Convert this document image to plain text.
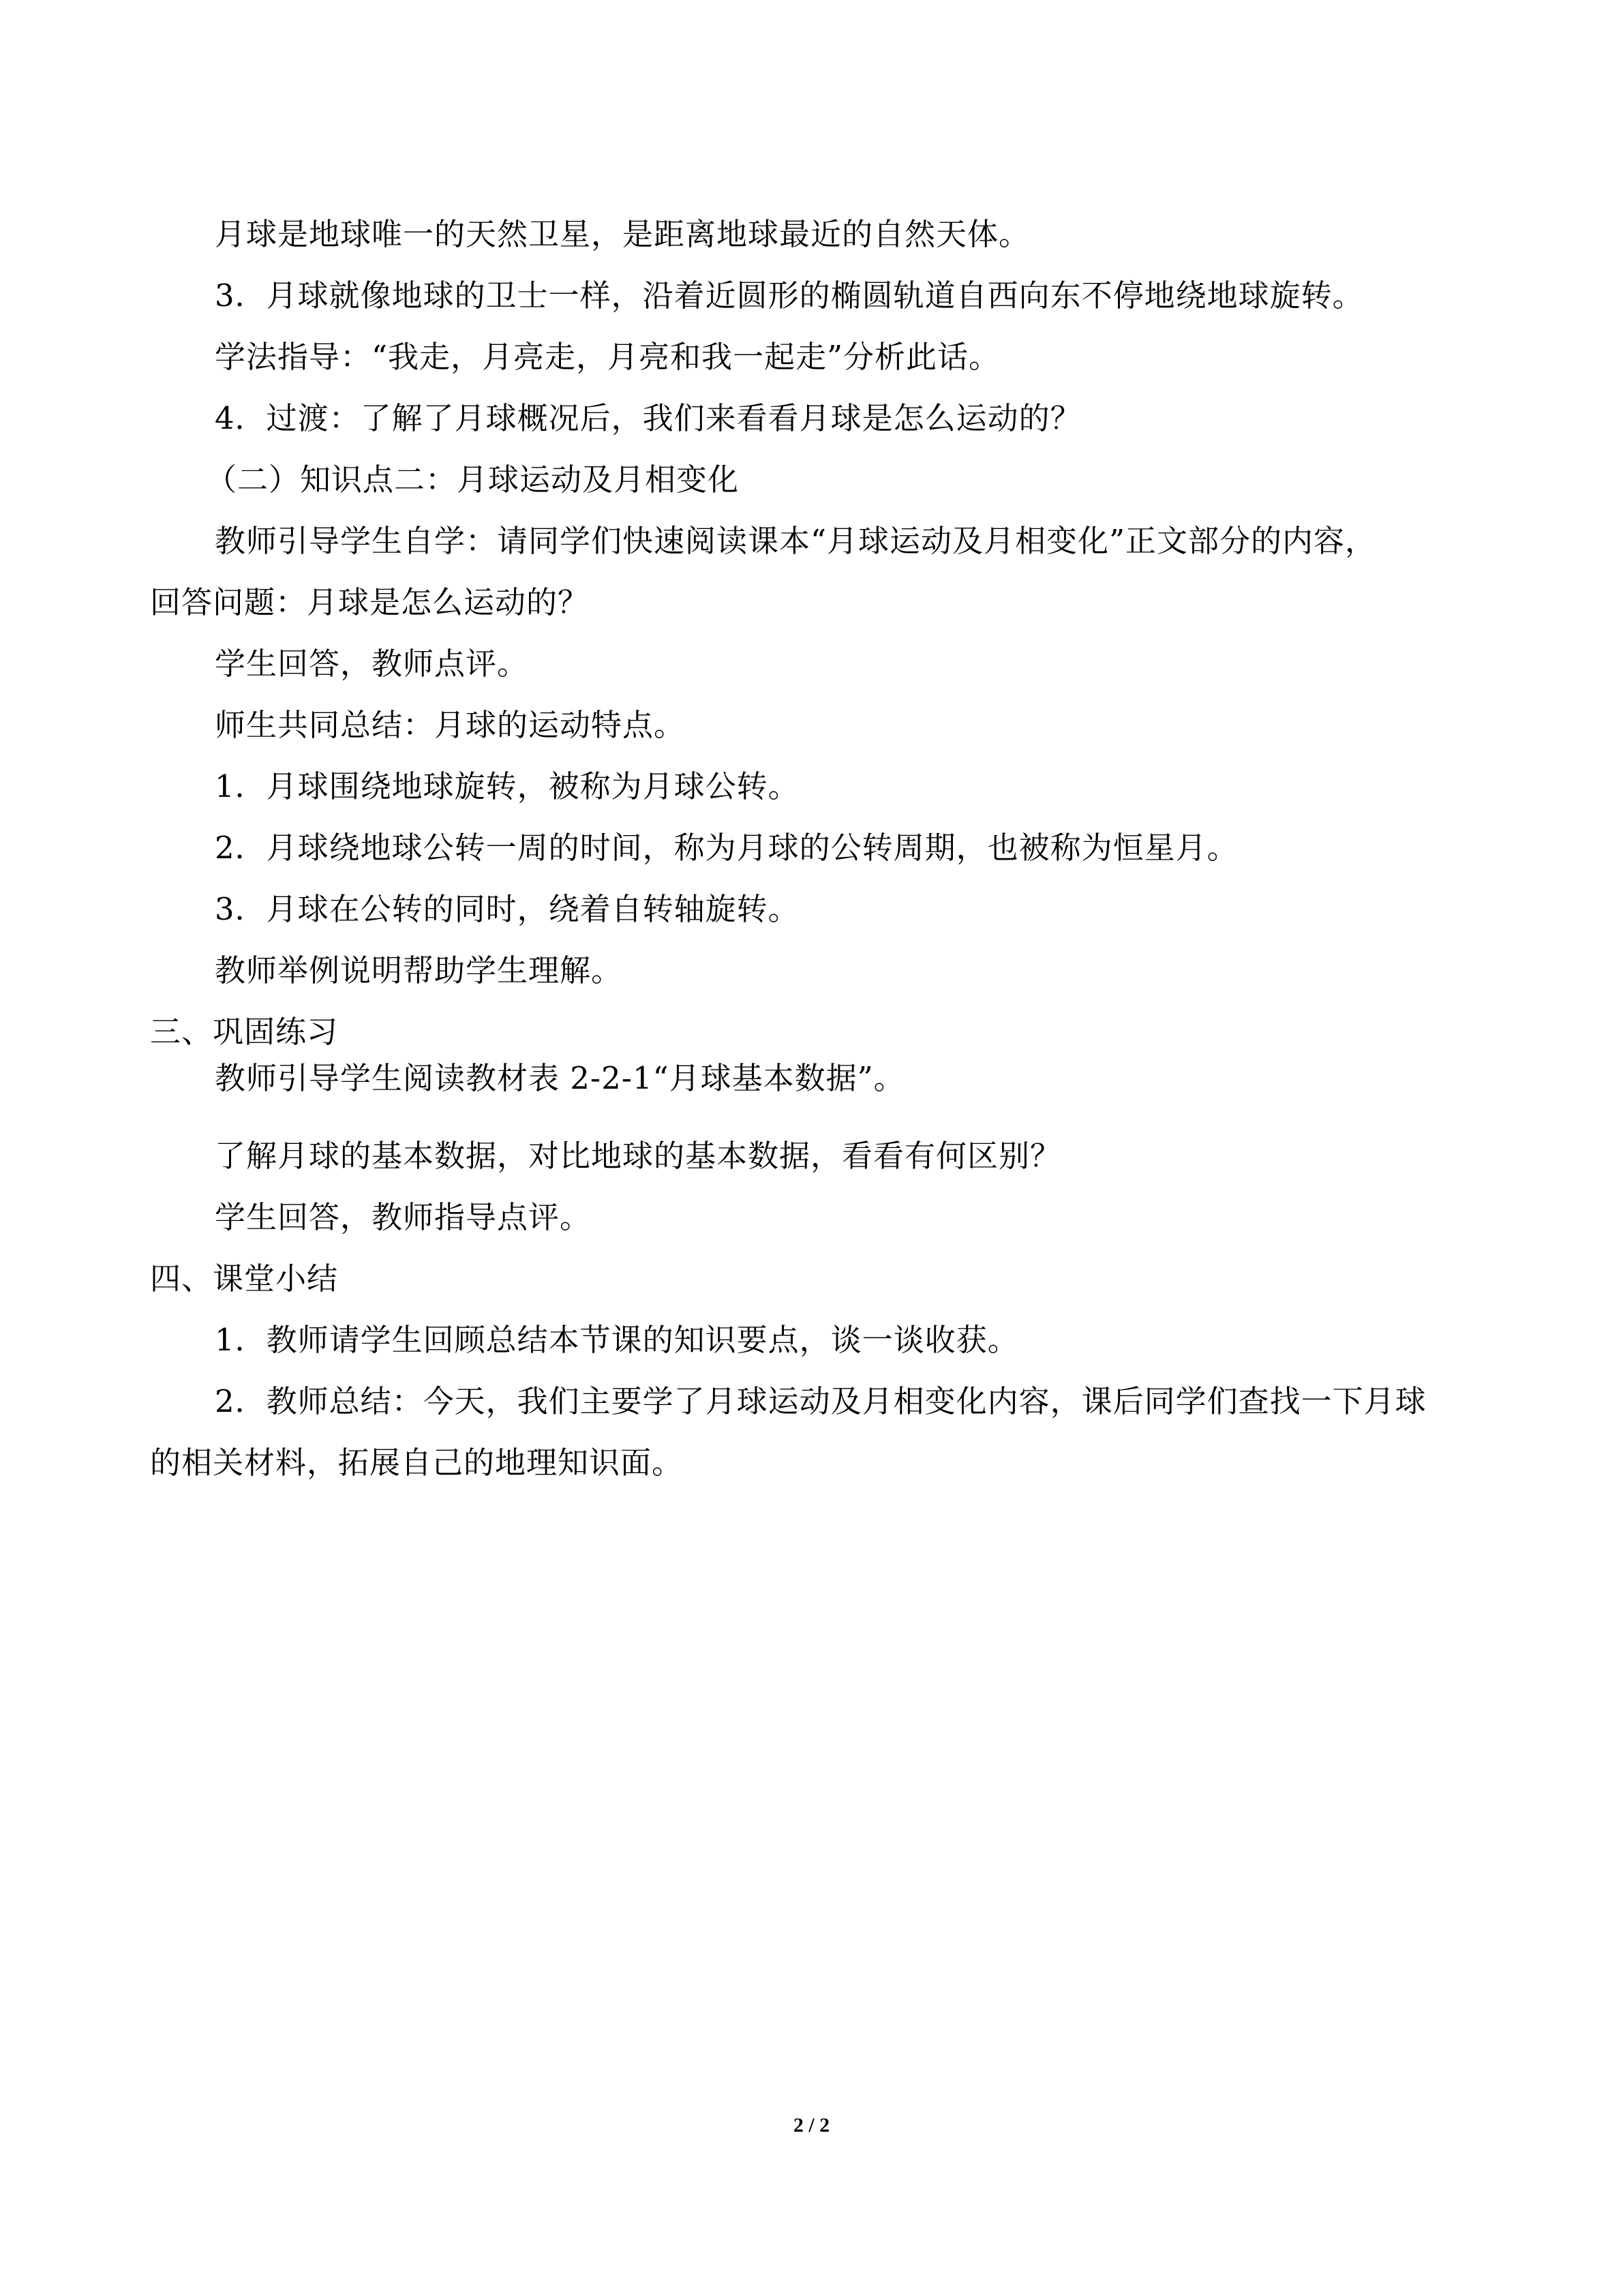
月球是地球唯一的天然卫星，是距离地球最近的自然天体。
3．月球就像地球的卫士一样，沿着近圆形的椭圆轨道自西向东不停地绕地球旋转。
学法指导：“我走，月亮走，月亮和我一起走”分析此话。
4．过渡：了解了月球概况后，我们来看看月球是怎么运动的？
（二）知识点二：月球运动及月相变化
教师引导学生自学：请同学们快速阅读课本“月球运动及月相变化”正文部分的内容，
回答问题：月球是怎么运动的？
学生回答，教师点评。
师生共同总结：月球的运动特点。
1．月球围绕地球旋转，被称为月球公转。
2．月球绕地球公转一周的时间，称为月球的公转周期，也被称为恒星月。
3．月球在公转的同时，绕着自转轴旋转。
教师举例说明帮助学生理解。
三、巩固练习
教师引导学生阅读教材表 2-2-1“月球基本数据”。
了解月球的基本数据，对比地球的基本数据，看看有何区别？
学生回答，教师指导点评。
四、课堂小结
1．教师请学生回顾总结本节课的知识要点，谈一谈收获。
2．教师总结：今天，我们主要学了月球运动及月相变化内容，课后同学们查找一下月球
的相关材料，拓展自己的地理知识面。
2 / 2
